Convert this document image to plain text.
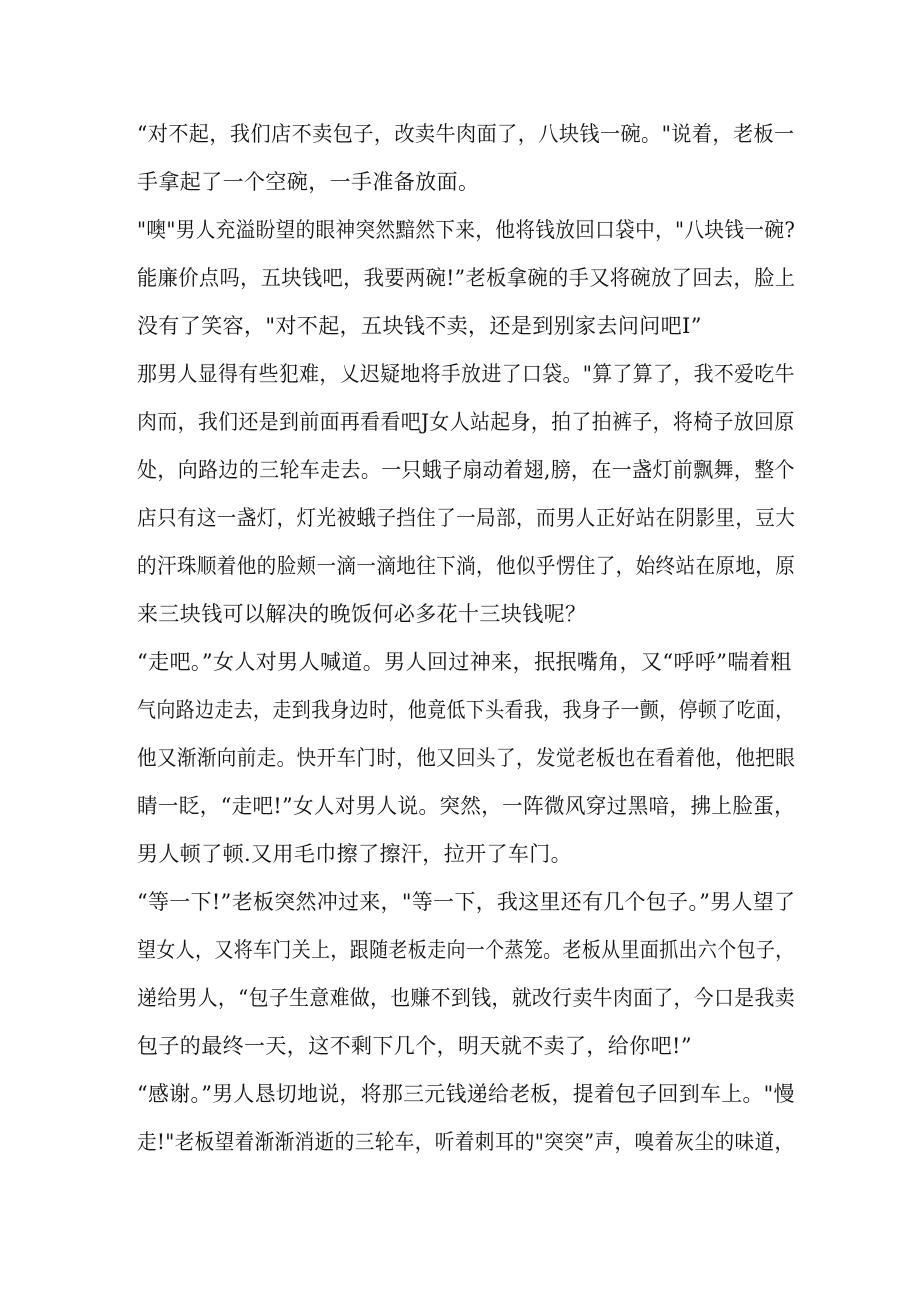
“对不起，我们店不卖包子，改卖牛肉面了，八块钱一碗。"说着，老板一
手拿起了一个空碗，一手准备放面。
"噢"男人充溢盼望的眼神突然黯然下来，他将钱放回口袋中，"八块钱一碗?
能廉价点吗，五块钱吧，我要两碗!”老板拿碗的手又将碗放了回去，脸上
没有了笑容，"对不起，五块钱不卖，还是到别家去问问吧I”
那男人显得有些犯难，乂迟疑地将手放进了口袋。"算了算了，我不爱吃牛
肉而，我们还是到前面再看看吧J女人站起身，拍了拍裤子，将椅子放回原
处，向路边的三轮车走去。一只蛾子扇动着翅,膀，在一盏灯前飘舞，整个
店只有这一盏灯，灯光被蛾子挡住了一局部，而男人正好站在阴影里，豆大
的汗珠顺着他的脸颊一滴一滴地往下淌，他似乎愣住了，始终站在原地，原
来三块钱可以解决的晚饭何必多花十三块钱呢？
“走吧。”女人对男人喊道。男人回过神来，抿抿嘴角，又“呼呼”喘着粗
气向路边走去，走到我身边时，他竟低下头看我，我身子一颤，停顿了吃面，
他又渐渐向前走。快开车门时，他又回头了，发觉老板也在看着他，他把眼
睛一眨，“走吧!”女人对男人说。突然，一阵微风穿过黑喑，拂上脸蛋，
男人顿了顿.又用毛巾擦了擦汗，拉开了车门。
“等一下!”老板突然冲过来，"等一下，我这里还有几个包子。”男人望了
望女人，又将车门关上，跟随老板走向一个蒸笼。老板从里面抓出六个包子，
递给男人，“包子生意难做，也赚不到钱，就改行卖牛肉面了，今口是我卖
包子的最终一天，这不剩下几个，明天就不卖了，给你吧!”
“感谢。”男人恳切地说，将那三元钱递给老板，提着包子回到车上。"慢
走!"老板望着渐渐消逝的三轮车，听着刺耳的"突突”声，嗅着灰尘的味道，
